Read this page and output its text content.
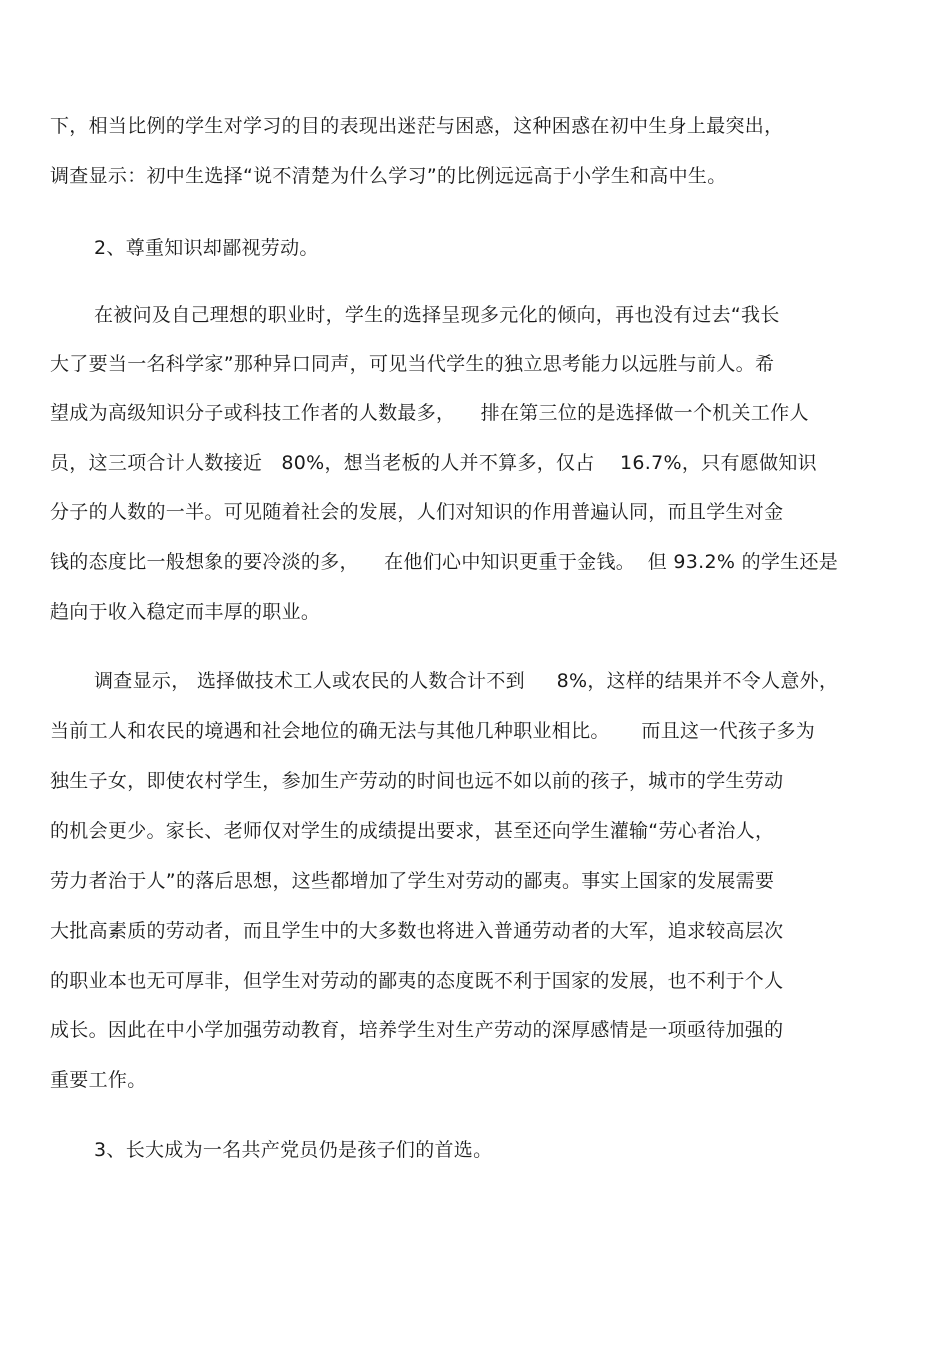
下，相当比例的学生对学习的目的表现出迷茫与困惑，这种困惑在初中生身上最突出，
调查显示：初中生选择“说不清楚为什么学习”的比例远远高于小学生和高中生。
2、尊重知识却鄙视劳动。
在被问及自己理想的职业时，学生的选择呈现多元化的倾向，再也没有过去“我长
大了要当一名科学家”那种异口同声，可见当代学生的独立思考能力以远胜与前人。希
望成为高级知识分子或科技工作者的人数最多，    排在第三位的是选择做一个机关工作人
员，这三项合计人数接近   80%，想当老板的人并不算多，仅占    16.7%，只有愿做知识
分子的人数的一半。可见随着社会的发展，人们对知识的作用普遍认同，而且学生对金
钱的态度比一般想象的要冷淡的多，    在他们心中知识更重于金钱。  但 93.2% 的学生还是
趋向于收入稳定而丰厚的职业。
调查显示， 选择做技术工人或农民的人数合计不到     8%，这样的结果并不令人意外，
当前工人和农民的境遇和社会地位的确无法与其他几种职业相比。     而且这一代孩子多为
独生子女，即使农村学生，参加生产劳动的时间也远不如以前的孩子，城市的学生劳动
的机会更少。家长、老师仅对学生的成绩提出要求，甚至还向学生灌输“劳心者治人，
劳力者治于人”的落后思想，这些都增加了学生对劳动的鄙夷。事实上国家的发展需要
大批高素质的劳动者，而且学生中的大多数也将进入普通劳动者的大军，追求较高层次
的职业本也无可厚非，但学生对劳动的鄙夷的态度既不利于国家的发展，也不利于个人
成长。因此在中小学加强劳动教育，培养学生对生产劳动的深厚感情是一项亟待加强的
重要工作。
3、长大成为一名共产党员仍是孩子们的首选。
